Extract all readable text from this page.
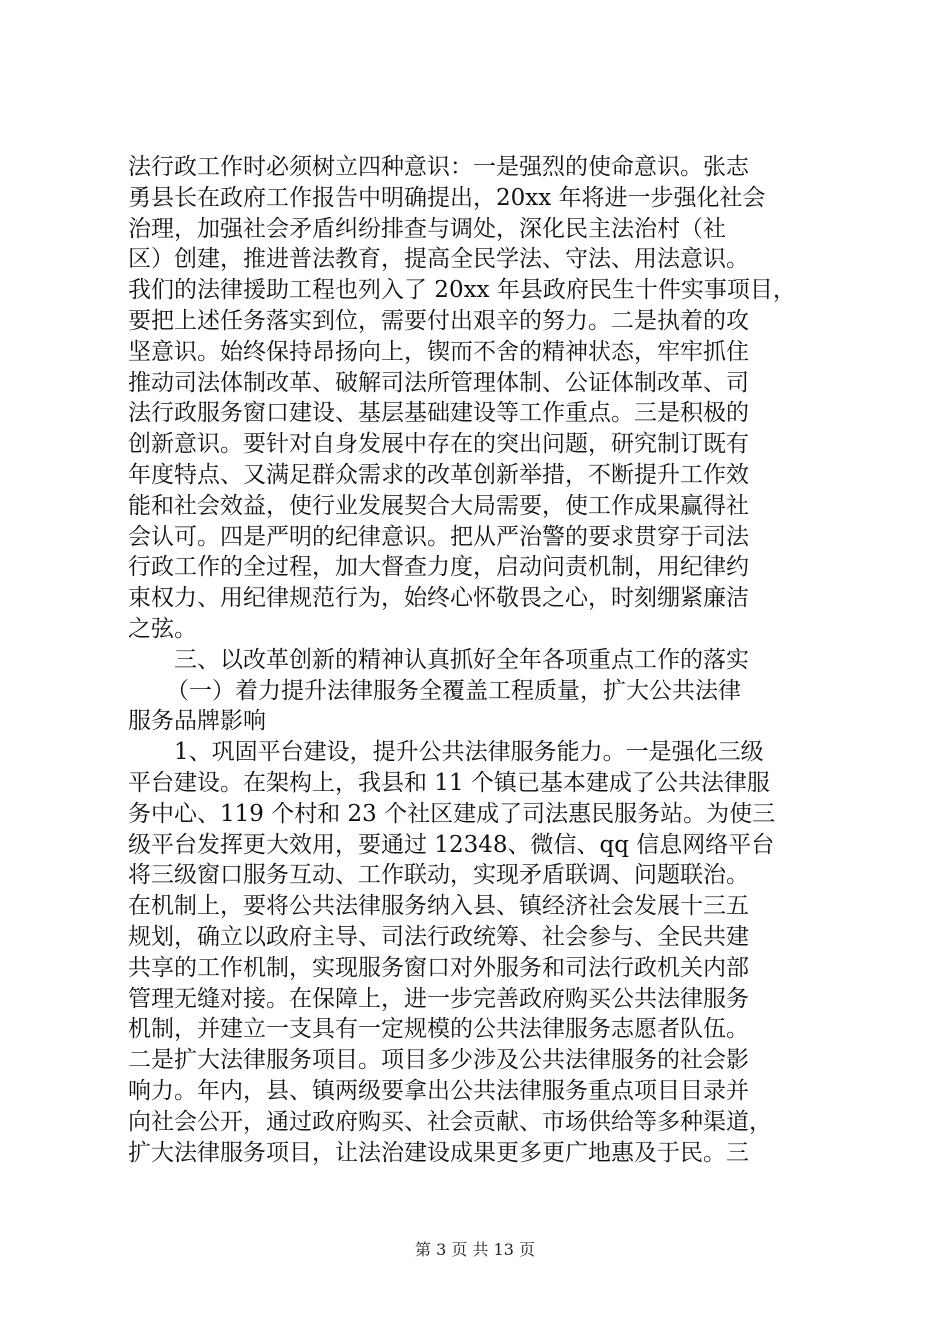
法行政工作时必须树立四种意识：一是强烈的使命意识。张志
勇县长在政府工作报告中明确提出，20xx 年将进一步强化社会
治理，加强社会矛盾纠纷排查与调处，深化民主法治村（社
区）创建，推进普法教育，提高全民学法、守法、用法意识。
我们的法律援助工程也列入了 20xx 年县政府民生十件实事项目，
要把上述任务落实到位，需要付出艰辛的努力。二是执着的攻
坚意识。始终保持昂扬向上，锲而不舍的精神状态，牢牢抓住
推动司法体制改革、破解司法所管理体制、公证体制改革、司
法行政服务窗口建设、基层基础建设等工作重点。三是积极的
创新意识。要针对自身发展中存在的突出问题，研究制订既有
年度特点、又满足群众需求的改革创新举措，不断提升工作效
能和社会效益，使行业发展契合大局需要，使工作成果赢得社
会认可。四是严明的纪律意识。把从严治警的要求贯穿于司法
行政工作的全过程，加大督查力度，启动问责机制，用纪律约
束权力、用纪律规范行为，始终心怀敬畏之心，时刻绷紧廉洁
之弦。
三、以改革创新的精神认真抓好全年各项重点工作的落实
（一）着力提升法律服务全覆盖工程质量，扩大公共法律
服务品牌影响
1、巩固平台建设，提升公共法律服务能力。一是强化三级
平台建设。在架构上，我县和 11 个镇已基本建成了公共法律服
务中心、119 个村和 23 个社区建成了司法惠民服务站。为使三
级平台发挥更大效用，要通过 12348、微信、qq 信息网络平台
将三级窗口服务互动、工作联动，实现矛盾联调、问题联治。
在机制上，要将公共法律服务纳入县、镇经济社会发展十三五
规划，确立以政府主导、司法行政统筹、社会参与、全民共建
共享的工作机制，实现服务窗口对外服务和司法行政机关内部
管理无缝对接。在保障上，进一步完善政府购买公共法律服务
机制，并建立一支具有一定规模的公共法律服务志愿者队伍。
二是扩大法律服务项目。项目多少涉及公共法律服务的社会影
响力。年内，县、镇两级要拿出公共法律服务重点项目目录并
向社会公开，通过政府购买、社会贡献、市场供给等多种渠道，
扩大法律服务项目，让法治建设成果更多更广地惠及于民。三
第 3 页 共 13 页
